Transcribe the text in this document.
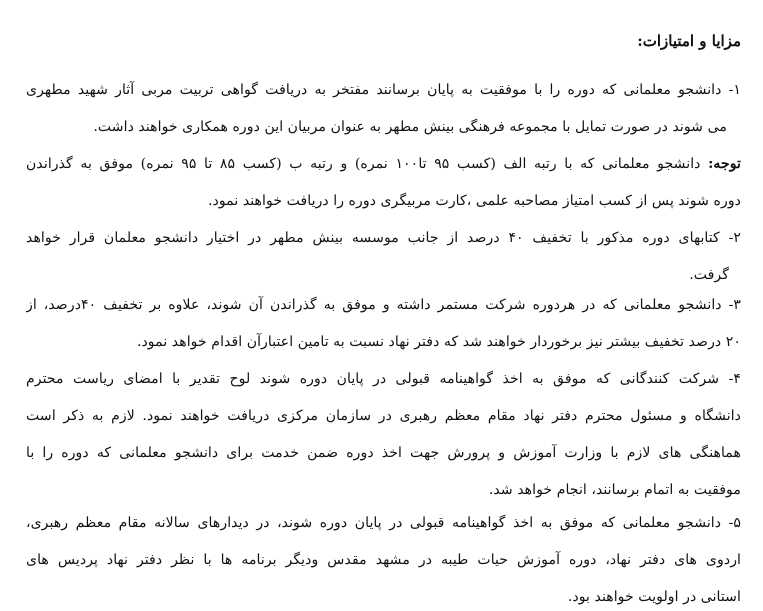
مزایا و امتیازات:
۱- دانشجو معلمانی که دوره را با موفقیت به پایان برسانند مفتخر به دریافت گواهی تربیت مربی آثار شهید مطهری
می شوند در صورت تمایل با مجموعه فرهنگی بینش مطهر به عنوان مربیان این دوره همکاری خواهند داشت.
توجه: دانشجو معلمانی که با رتبه الف (کسب ۹۵ تا۱۰۰ نمره) و رتبه ب (کسب ۸۵ تا ۹۵ نمره) موفق به گذراندن
دوره شوند پس از کسب امتیاز مصاحبه علمی ،کارت مربیگری دوره را دریافت خواهند نمود.
۲- کتابهای دوره مذکور با تخفیف ۴۰ درصد از جانب موسسه بینش مطهر در اختیار دانشجو معلمان قرار خواهد
گرفت.
۳- دانشجو معلمانی که در هردوره شرکت مستمر داشته و موفق به گذراندن آن شوند، علاوه بر تخفیف ۴۰درصد، از
۲۰ درصد تخفیف بیشتر نیز برخوردار خواهند شد که دفتر نهاد نسبت به تامین اعتبارآن اقدام خواهد نمود.
۴- شرکت کنندگانی که موفق به اخذ گواهینامه قبولی در پایان دوره شوند لوح تقدیر با امضای ریاست محترم
دانشگاه و مسئول محترم دفتر نهاد مقام معظم رهبری در سازمان مرکزی دریافت خواهند نمود. لازم به ذکر است
هماهنگی های لازم با وزارت آموزش و پرورش جهت اخذ دوره ضمن خدمت برای دانشجو معلمانی که دوره را با
موفقیت به اتمام برسانند، انجام خواهد شد.
۵- دانشجو معلمانی که موفق به اخذ گواهینامه قبولی در پایان دوره شوند، در دیدارهای سالانه مقام معظم رهبری،
اردوی های دفتر نهاد، دوره آموزش حیات طیبه در مشهد مقدس ودیگر برنامه ها با نظر دفتر نهاد پردیس های
استانی در اولویت خواهند بود.
